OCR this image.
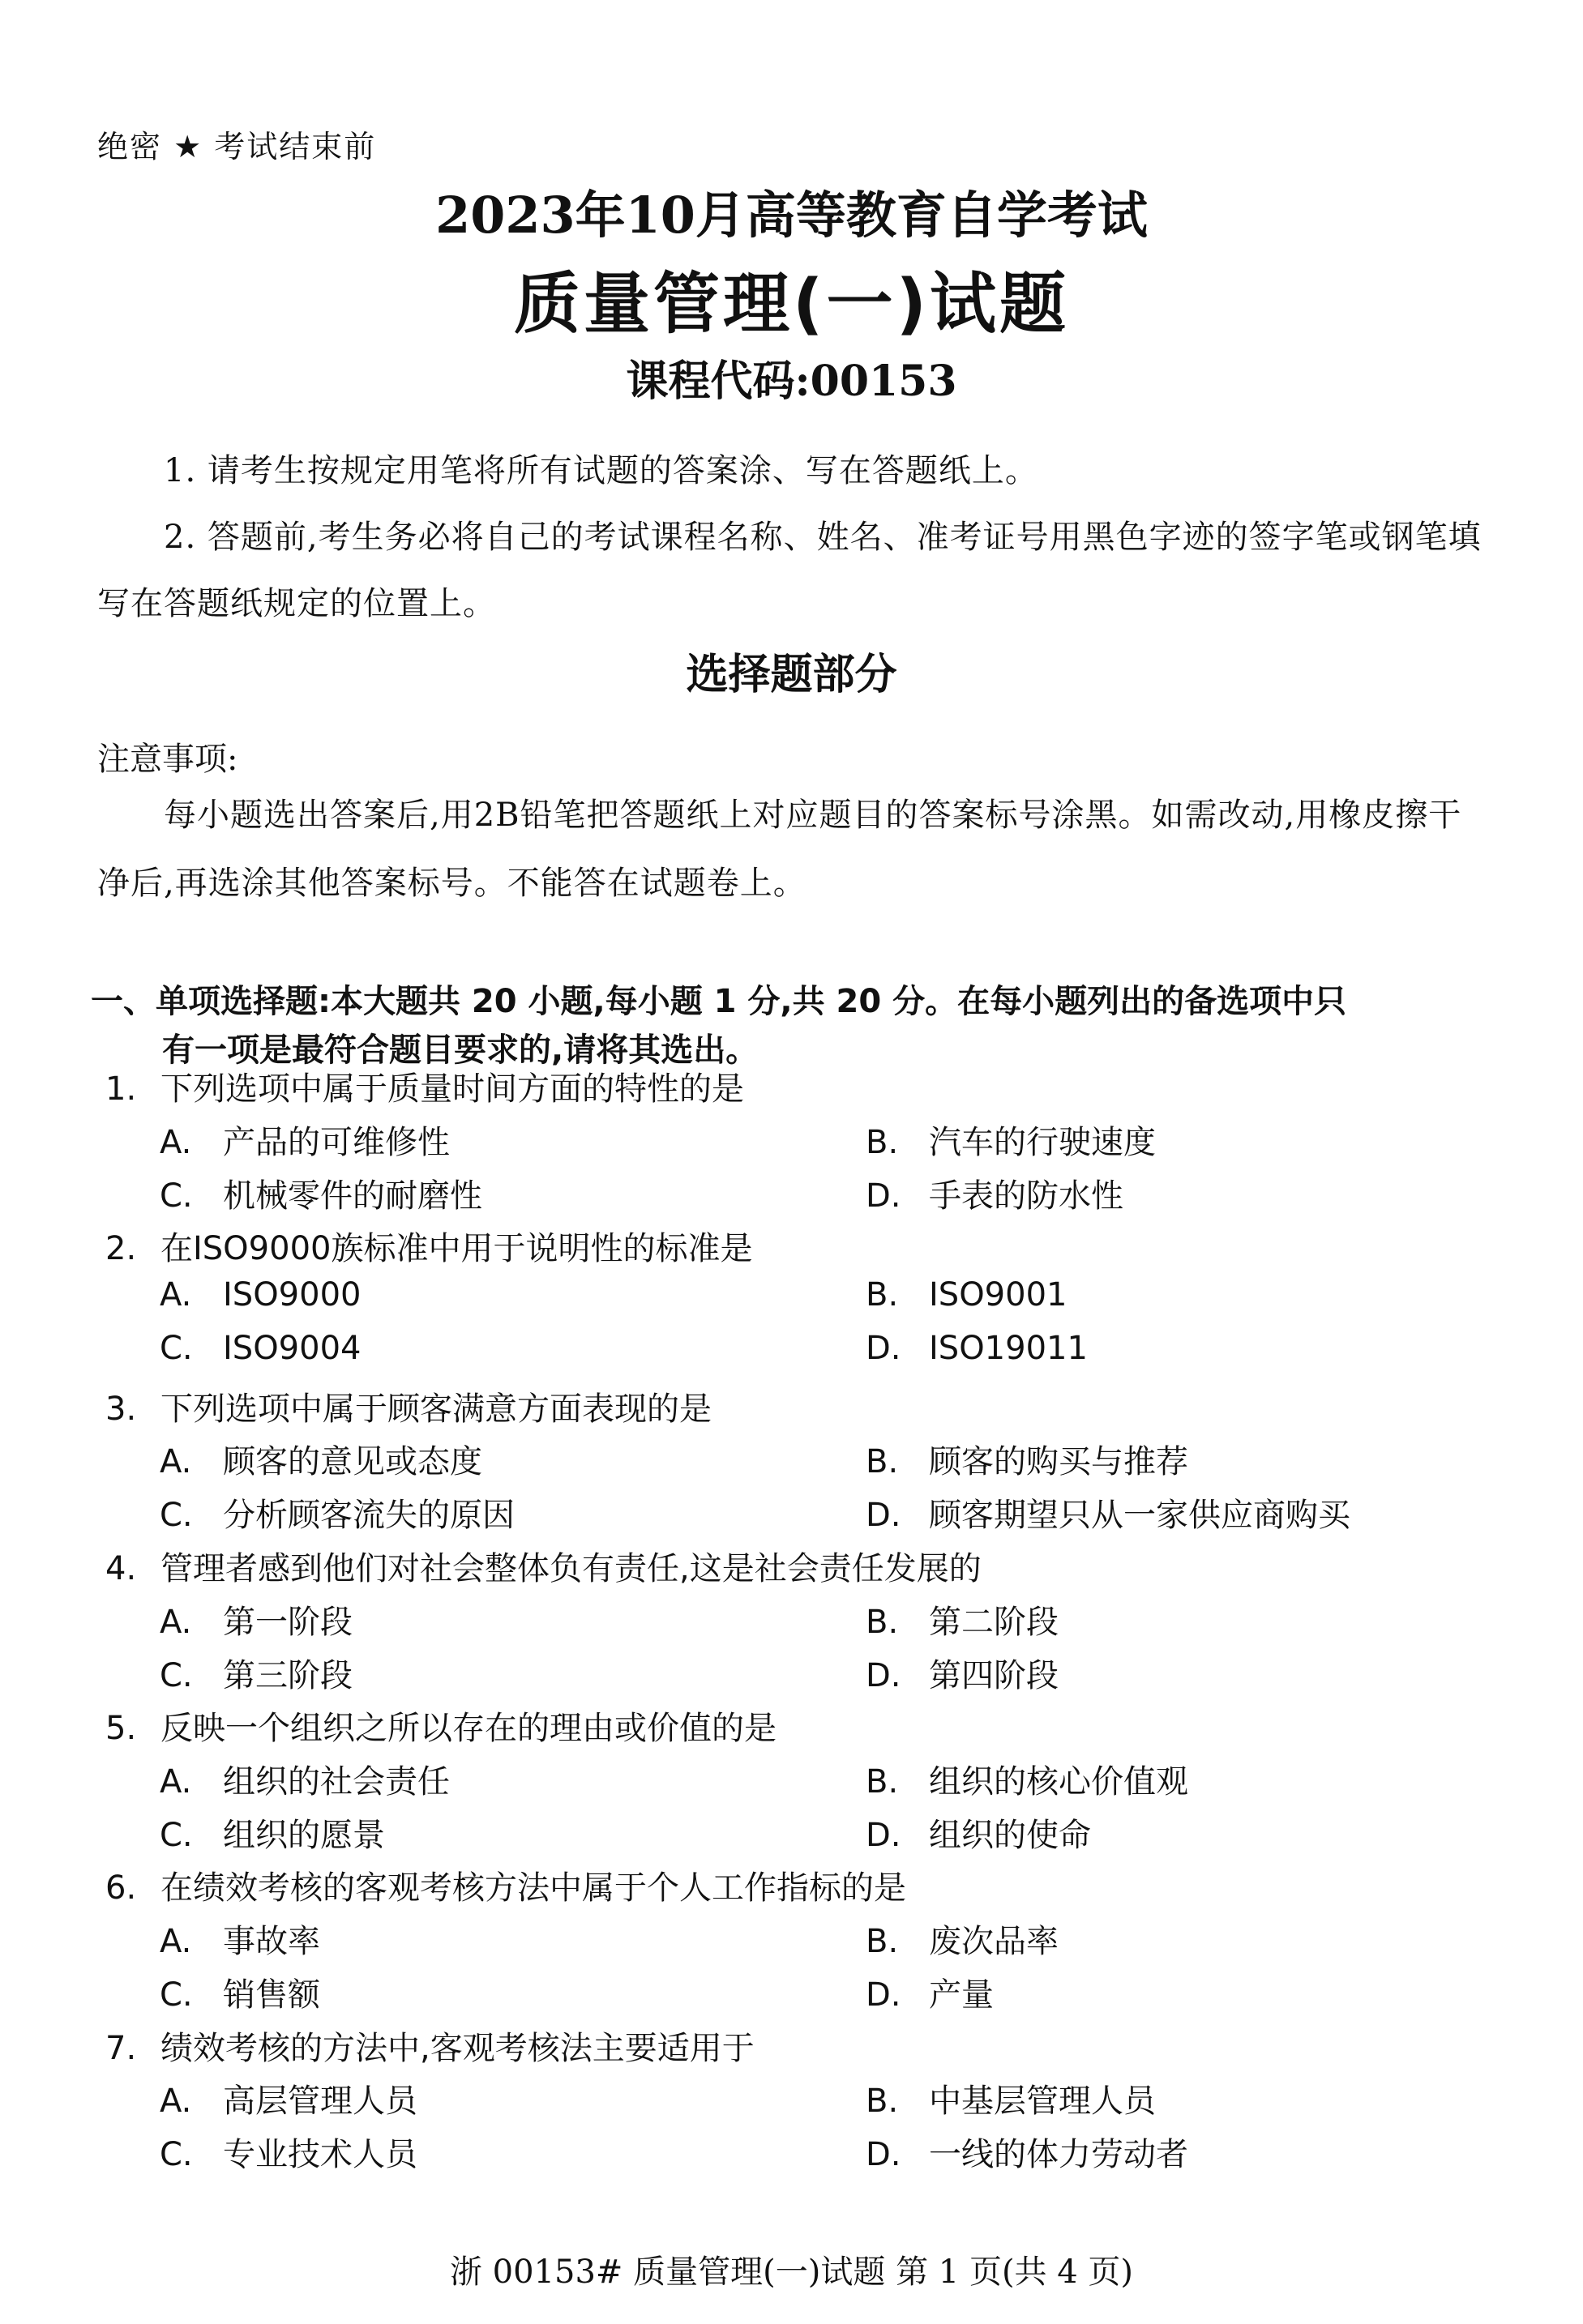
绝密 ★ 考试结束前
2023年10月高等教育自学考试
质量管理(一)试题
课程代码:00153
1. 请考生按规定用笔将所有试题的答案涂、写在答题纸上。
2. 答题前,考生务必将自己的考试课程名称、姓名、准考证号用黑色字迹的签字笔或钢笔填写在答题纸规定的位置上。
选择题部分
注意事项:
每小题选出答案后,用2B铅笔把答题纸上对应题目的答案标号涂黑。如需改动,用橡皮擦干净后,再选涂其他答案标号。不能答在试题卷上。
一、单项选择题:本大题共 20 小题,每小题 1 分,共 20 分。在每小题列出的备选项中只
有一项是最符合题目要求的,请将其选出。
1. 下列选项中属于质量时间方面的特性的是
A. 产品的可维修性	B. 汽车的行驶速度
C. 机械零件的耐磨性	D. 手表的防水性
2. 在ISO9000族标准中用于说明性的标准是
A. ISO9000	B. ISO9001
C. ISO9004	D. ISO19011
3. 下列选项中属于顾客满意方面表现的是
A. 顾客的意见或态度	B. 顾客的购买与推荐
C. 分析顾客流失的原因	D. 顾客期望只从一家供应商购买
4. 管理者感到他们对社会整体负有责任,这是社会责任发展的
A. 第一阶段	B. 第二阶段
C. 第三阶段	D. 第四阶段
5. 反映一个组织之所以存在的理由或价值的是
A. 组织的社会责任	B. 组织的核心价值观
C. 组织的愿景	D. 组织的使命
6. 在绩效考核的客观考核方法中属于个人工作指标的是
A. 事故率	B. 废次品率
C. 销售额	D. 产量
7. 绩效考核的方法中,客观考核法主要适用于
A. 高层管理人员	B. 中基层管理人员
C. 专业技术人员	D. 一线的体力劳动者
浙 00153# 质量管理(一)试题 第 1 页(共 4 页)
